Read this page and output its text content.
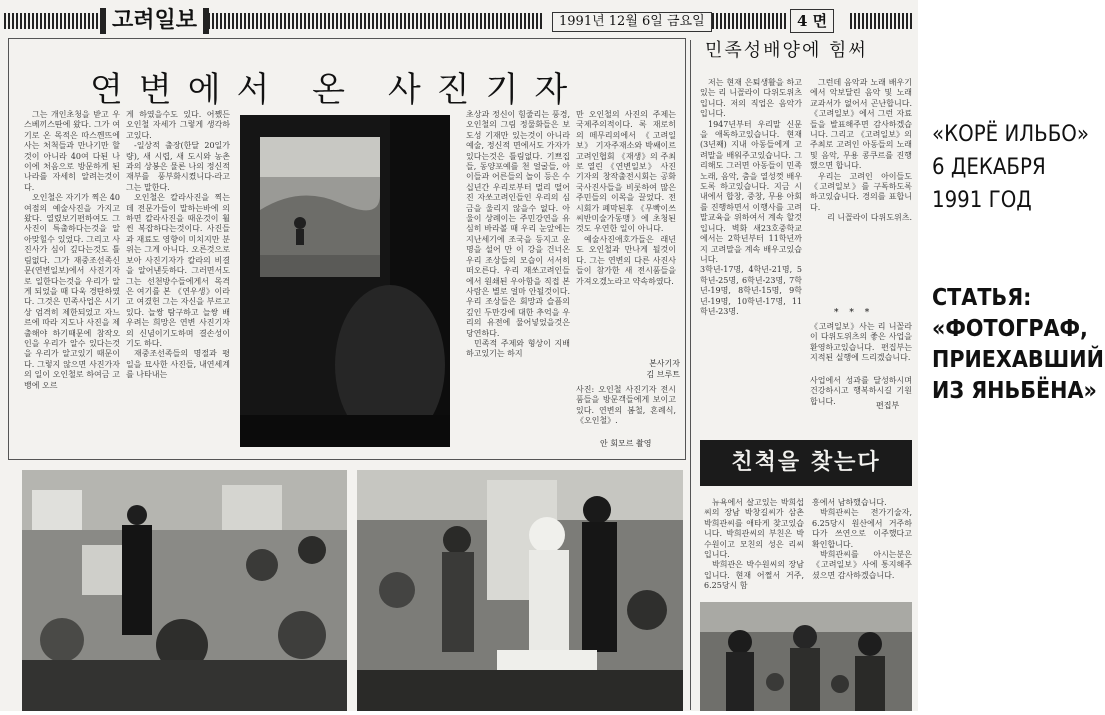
고려일보	1991년 12월 6일 금요일	4 면
연변에서 온 사진기자
그는 개인초청을 받고 우스베끼스딴에 왔다. 그가 여기로 온 목적은 따스껜뜨에 사는 처척들과 만나기만 할것이 아니라 40여 다된 나이에 처음으로 방문하게 된 나라를 자세히 알려는것이다.
오인철은 자기가 찍은 40여점의 예술사진을 가지고왔다. 열렸보기편하여도 그 사진이 특출하다는것을 알아맞힐수 있었다. 그리고 사진사가 심이 깊다는것도 틀림없다. 그가 재중조선족신문(연변일보)에서 사진기자로 일한다는것을 우리가 알게 되었을 때 다욱 경탄하였다. 그것은 민족사업은 시기상 엄격히 제한되었고 자느르에 따라 지도나 사진을 제출해야 하기때문에 참작오인을 우리가 알수 있다는것을 우리가 알고있기 때문이다. 그렇지 않으면 사진가자의 일이 오인철로 하여금 고뱅에 오르
게 하였을수도 있다. 어쨌든 오인철 자세가 그렇게 생각하고있다.
-일상적 출장(한달 20일가량), 새 시렵, 새 도시와 농촌과의 상봉은 물론 나의 정신적 재부를 풍부화시켰니다-라고 그는 말한다.
오인철은 칼라사진을 찍는데 전문가들이 말하는바에 의하면 칼라사진을 때운것이 훨씬 복잡하다는것이다. 사진들과 재료도 영향이 미치지만 분위는 그게 아니다. 오른것으로 보아 사진기자가 칼라의 비결을 알어낸듯하다. 그러면서도 그는 선천방수들에게서 목격은 여기를 본 《연우생》이라고 여겼헌 그는 자신을 부르고있다. 늘쌍 탐구하고 늘쌍 배우려는 희망은 연변 사진기자의 신념이기도하며 결손성이기도 하다.
재중조선족들의 명절과 평일을 묘사한 사진들, 내연세계를 나타내는
초상과 정신이 힘줄리는 풍경, 오인철의 그림 정물화들은 보도성 기재만 있는것이 아니라 예술, 정신적 면에서도 가자가 있다는것은 틀림없다. 기쁘집들, 동양포예를 천 얼굴들, 아이들과 어른들의 놀이 등은 수십년간 우리로부터 멀리 떨어진 자쏘고려인들인 우리의 심금을 울리지 않을수 없다. 아울이 상례이는 주민강연을 유심히 바라볼 때 우리 눈앞에는 지난세기에 조국을 등지고 운명을 설어 만 이 강을 건너온 우리 조상들의 모습이 서서히 떠오른다. 우리 재쏘고려인들에서 원쇄된 우아함을 직접 본 사람은 별로 얼마 안될것이다. 우리 조상들은 회망과 슬픔의 깊인 두만강에 대한 추억을 우리의 유전에 물어넣었을것은 당연하다.
민족적 주제와 형상이 지배하고있기는 하지
만 오인철의 사진의 주제는 국제주의적이다. 록 재로히의 떼무리의에서 《고려일보》 기자주재소와 박쌔이르고려인협회 《재생》의 주최로 열린 《연변일보》 사진기자의 창작출전시회는 공화국사진사들을 비롯하여 많은 주민들의 이목을 끌었다. 전시회가 폐막된후 《무빡이쓰씨반미술가동맹》에 초청된것도 우연한 일이 아니다.
예술사진애호가들은 래년도 오인철과 만나게 될것이다. 그는 연변의 다른 사진사들이 참가한 새 전시품들을 가져오겠노라고 약속하였다.
본사기자
김 브루트
사진: 오인철 사진기자 전시품들을 방문객들에게 보이고있다. 연변의 봄철, 혼례식, 《오인철》.
안 회모르 촬영
민족성배양에 힘써
저는 현재 은퇴생활을 하고있는 리 니꼴라이 다위도위츠입니다. 저의 직업은 음악가입니다.
1947년부터 우리말 신문을 애독하고있습니다. 현재 (3년째) 지내 아동들에게 고려말을 배워주고있습니다. 그리해도 그러면 아동들이 민족 노래, 음악, 춤을 열성껏 배우도록 하고있습니다. 지금 시내에서 합창, 중창, 무용 아회를 진행하면서 이행사를 고려말교육을 위하여서 계속 할것입니다. 벽화 새23호중학교에서는 2학년부터 11학년까지 고려말을 계속 배우고있습니다.
3학년-17명, 4학년-21명, 5학년-25명, 6학년-23명, 7학년-19명, 8학년-15명, 9학년-19명, 10학년-17명, 11학년-23명.
그런데 음악과 노래 배우기에서 악보달린 음악 및 노래 교과서가 없어서 곤난합니다. 《고려일보》에서 그런 자료들을 발표해주면 감사하겠습니다. 그리고 《고려일보》의 주최로 고려인 아동들의 노래 및 음악, 무용 콩쿠르를 진행했으면 합니다.
우리는 고려인 아이들도 《고려일보》를 구독하도록 하고있습니다. 경의를 표합니다.
리 니꼴라이 다위도위츠.
* * *
《고려일보》사는 리 니꼴라이 다위도위츠의 좋은 사업을 환영하고있습니다. 편집부는 지적된 실행에 드리겠습니다.
사업에서 성과를 달성하시며 건강하시고 행복하시길 기원합니다.	편집부
친척을 찾는다
뉴욕에서 살고있는 박희섭씨의 장남 박창길씨가 삼촌 박희관씨를 애타게 찾고있습니다. 박희관씨의 부친은 박수원이고 모친의 성은 리씨입니다.
박희관은 박수원씨의 장남입니다. 현재 어쩔서 거주, 6.25당시 함
흥에서 남하했습니다.
박희관씨는 전가기술자, 6.25당시 원산에서 거주하다가 쓰연으로 이주했다고 확인합니다.
박희관씨를 아시는분은 《고려일보》사에 통지해주셨으면 감사하겠습니다.
«КОРЁ ИЛЬБО»
6 ДЕКАБРЯ
1991 ГОД
СТАТЬЯ:
«ФОТОГРАФ,
ПРИЕХАВШИЙ
ИЗ ЯНЬБЁНА»
